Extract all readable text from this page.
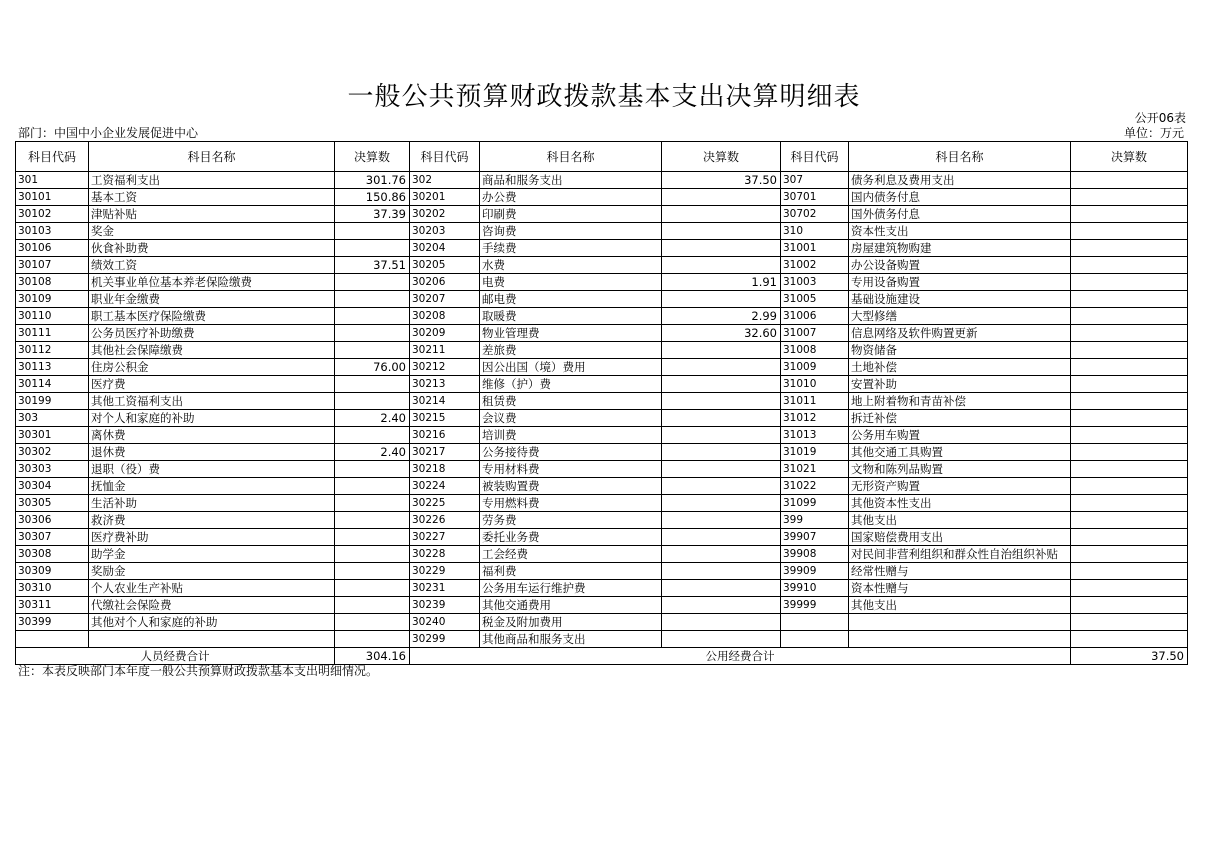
一般公共预算财政拨款基本支出决算明细表
公开06表
部门：中国中小企业发展促进中心	单位：万元
科目代码	科目名称	决算数	科目代码	科目名称	决算数	科目代码	科目名称	决算数
301	工资福利支出	301.76	302	商品和服务支出	37.50	307	债务利息及费用支出	
30101	基本工资	150.86	30201	办公费		30701	国内债务付息	
30102	津贴补贴	37.39	30202	印刷费		30702	国外债务付息	
30103	奖金		30203	咨询费		310	资本性支出	
30106	伙食补助费		30204	手续费		31001	房屋建筑物购建	
30107	绩效工资	37.51	30205	水费		31002	办公设备购置	
30108	机关事业单位基本养老保险缴费		30206	电费	1.91	31003	专用设备购置	
30109	职业年金缴费		30207	邮电费		31005	基础设施建设	
30110	职工基本医疗保险缴费		30208	取暖费	2.99	31006	大型修缮	
30111	公务员医疗补助缴费		30209	物业管理费	32.60	31007	信息网络及软件购置更新	
30112	其他社会保障缴费		30211	差旅费		31008	物资储备	
30113	住房公积金	76.00	30212	因公出国（境）费用		31009	土地补偿	
30114	医疗费		30213	维修（护）费		31010	安置补助	
30199	其他工资福利支出		30214	租赁费		31011	地上附着物和青苗补偿	
303	对个人和家庭的补助	2.40	30215	会议费		31012	拆迁补偿	
30301	离休费		30216	培训费		31013	公务用车购置	
30302	退休费	2.40	30217	公务接待费		31019	其他交通工具购置	
30303	退职（役）费		30218	专用材料费		31021	文物和陈列品购置	
30304	抚恤金		30224	被装购置费		31022	无形资产购置	
30305	生活补助		30225	专用燃料费		31099	其他资本性支出	
30306	救济费		30226	劳务费		399	其他支出	
30307	医疗费补助		30227	委托业务费		39907	国家赔偿费用支出	
30308	助学金		30228	工会经费		39908	对民间非营利组织和群众性自治组织补贴	
30309	奖励金		30229	福利费		39909	经常性赠与	
30310	个人农业生产补贴		30231	公务用车运行维护费		39910	资本性赠与	
30311	代缴社会保险费		30239	其他交通费用		39999	其他支出	
30399	其他对个人和家庭的补助		30240	税金及附加费用				
			30299	其他商品和服务支出				
人员经费合计		304.16	公用经费合计					37.50
注：本表反映部门本年度一般公共预算财政拨款基本支出明细情况。
